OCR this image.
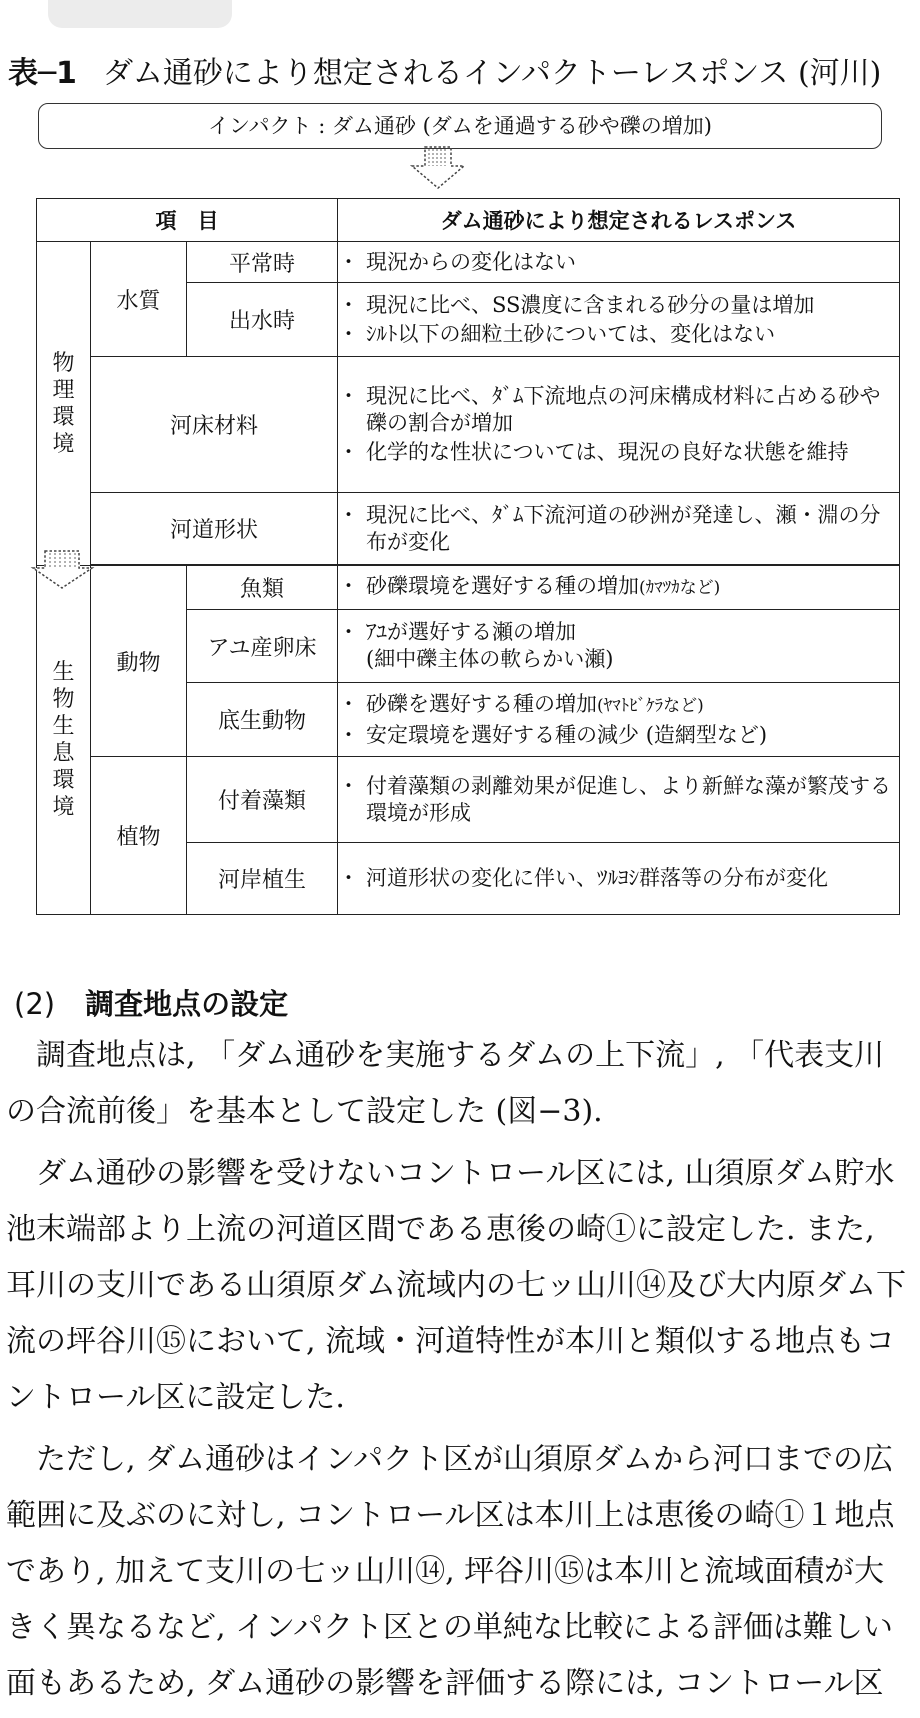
表─1 ダム通砂により想定されるインパクトーレスポンス (河川)
インパクト : ダム通砂 (ダムを通過する砂や礫の増加)
項　目			ダム通砂により想定されるレスポンス
物理環境	水質	平常時	・ 現況からの変化はない

		出水時	・ 現況に比べ、SS濃度に含まれる砂分の量は増加
・ ｼﾙﾄ以下の細粒土砂については、変化はない

	河床材料		・ 現況に比べ、ﾀﾞﾑ下流地点の河床構成材料に占める砂や礫の割合が増加
・ 化学的な性状については、現況の良好な状態を維持

	河道形状		・ 現況に比べ、ﾀﾞﾑ下流河道の砂洲が発達し、瀬・淵の分布が変化

生物生息環境	動物	魚類	・ 砂礫環境を選好する種の増加(ｶﾏﾂｶなど)

		アユ産卵床	・ ｱﾕが選好する瀬の増加
(細中礫主体の軟らかい瀬)

		底生動物	・ 砂礫を選好する種の増加(ﾔﾏﾄﾋﾞｹﾗなど)
・ 安定環境を選好する種の減少 (造網型など)

	植物	付着藻類	・ 付着藻類の剥離効果が促進し、より新鮮な藻が繁茂する環境が形成

		河岸植生	・ 河道形状の変化に伴い、ﾂﾙﾖｼ群落等の分布が変化
(2) 調査地点の設定

調査地点は, 「ダム通砂を実施するダムの上下流」, 「代表支川の合流前後」を基本として設定した (図−3).

ダム通砂の影響を受けないコントロール区には, 山須原ダム貯水池末端部より上流の河道区間である恵後の崎①に設定した. また, 耳川の支川である山須原ダム流域内の七ッ山川⑭及び大内原ダム下流の坪谷川⑮において, 流域・河道特性が本川と類似する地点もコントロール区に設定した.

ただし, ダム通砂はインパクト区が山須原ダムから河口までの広範囲に及ぶのに対し, コントロール区は本川上は恵後の崎①１地点であり, 加えて支川の七ッ山川⑭, 坪谷川⑮は本川と流域面積が大きく異なるなど, インパクト区との単純な比較による評価は難しい面もあるため, ダム通砂の影響を評価する際には, コントロール区
